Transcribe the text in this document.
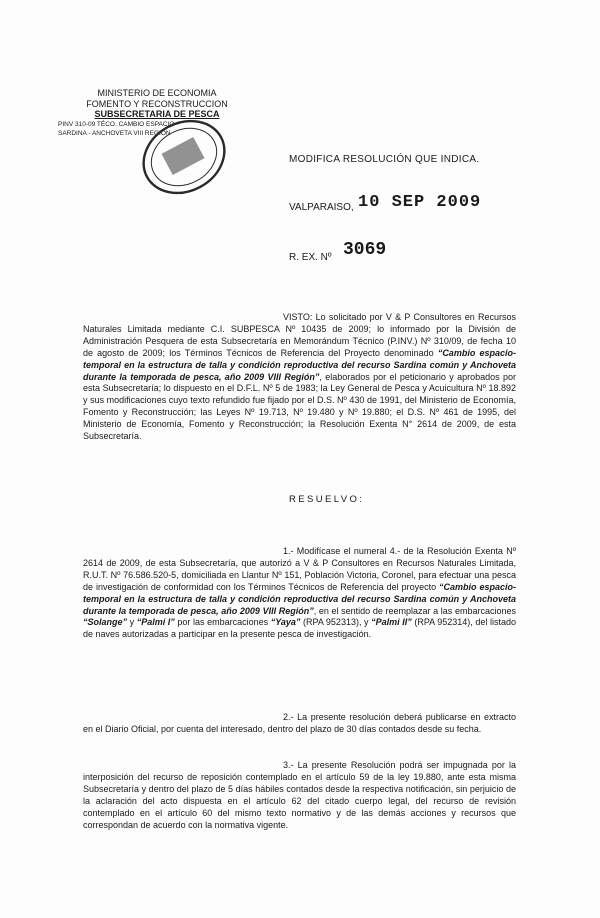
MINISTERIO DE ECONOMIA
FOMENTO Y RECONSTRUCCION
SUBSECRETARIA DE PESCA
PINV 310-09 TÉCO. CAMBIO ESPACIO
SARDINA - ANCHOVETA VIII REGIÓN
MODIFICA RESOLUCIÓN QUE INDICA.
VALPARAISO, 10 SEP 2009
R. EX. Nº 3069
VISTO: Lo solicitado por V & P Consultores en Recursos Naturales Limitada mediante C.I. SUBPESCA Nº 10435 de 2009; lo informado por la División de Administración Pesquera de esta Subsecretaría en Memorándum Técnico (P.INV.) Nº 310/09, de fecha 10 de agosto de 2009; los Términos Técnicos de Referencia del Proyecto denominado “Cambio espacio-temporal en la estructura de talla y condición reproductiva del recurso Sardina común y Anchoveta durante la temporada de pesca, año 2009 VIII Región”, elaborados por el peticionario y aprobados por esta Subsecretaría; lo dispuesto en el D.F.L. Nº 5 de 1983; la Ley General de Pesca y Acuicultura Nº 18.892 y sus modificaciones cuyo texto refundido fue fijado por el D.S. Nº 430 de 1991, del Ministerio de Economía, Fomento y Reconstrucción; las Leyes Nº 19.713, Nº 19.480 y Nº 19.880; el D.S. Nº 461 de 1995, del Ministerio de Economía, Fomento y Reconstrucción; la Resolución Exenta N° 2614 de 2009, de esta Subsecretaría.
RESUELVO:
1.- Modifícase el numeral 4.- de la Resolución Exenta Nº 2614 de 2009, de esta Subsecretaría, que autorizó a V & P Consultores en Recursos Naturales Limitada, R.U.T. Nº 76.586.520-5, domiciliada en Llantur Nº 151, Población Victoria, Coronel, para efectuar una pesca de investigación de conformidad con los Términos Técnicos de Referencia del proyecto “Cambio espacio-temporal en la estructura de talla y condición reproductiva del recurso Sardina común y Anchoveta durante la temporada de pesca, año 2009 VIII Región”, en el sentido de reemplazar a las embarcaciones “Solange” y “Palmi I” por las embarcaciones “Yaya” (RPA 952313), y “Palmi II” (RPA 952314), del listado de naves autorizadas a participar en la presente pesca de investigación.
2.- La presente resolución deberá publicarse en extracto en el Diario Oficial, por cuenta del interesado, dentro del plazo de 30 días contados desde su fecha.
3.- La presente Resolución podrá ser impugnada por la interposición del recurso de reposición contemplado en el artículo 59 de la ley 19.880, ante esta misma Subsecretaría y dentro del plazo de 5 días hábiles contados desde la respectiva notificación, sin perjuicio de la aclaración del acto dispuesta en el artículo 62 del citado cuerpo legal, del recurso de revisión contemplado en el artículo 60 del mismo texto normativo y de las demás acciones y recursos que correspondan de acuerdo con la normativa vigente.
